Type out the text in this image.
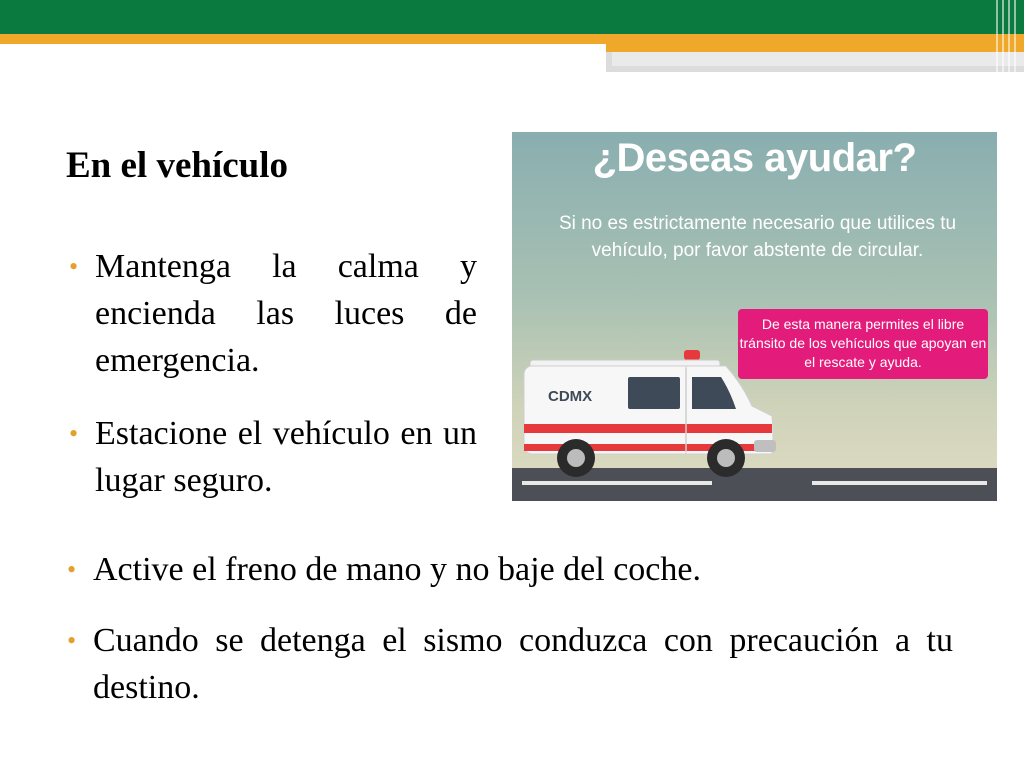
En el vehículo
• Mantenga la calma y encienda las luces de emergencia.
• Estacione el vehículo en un lugar seguro.
• Active el freno de mano y no baje del coche.
• Cuando se detenga el sismo conduzca con precaución a tu destino.

¿Deseas ayudar?

Si no es estrictamente necesario que utilices tu vehículo, por favor abstente de circular.

De esta manera permites el libre tránsito de los vehículos que apoyan en el rescate y ayuda.
CDMX
